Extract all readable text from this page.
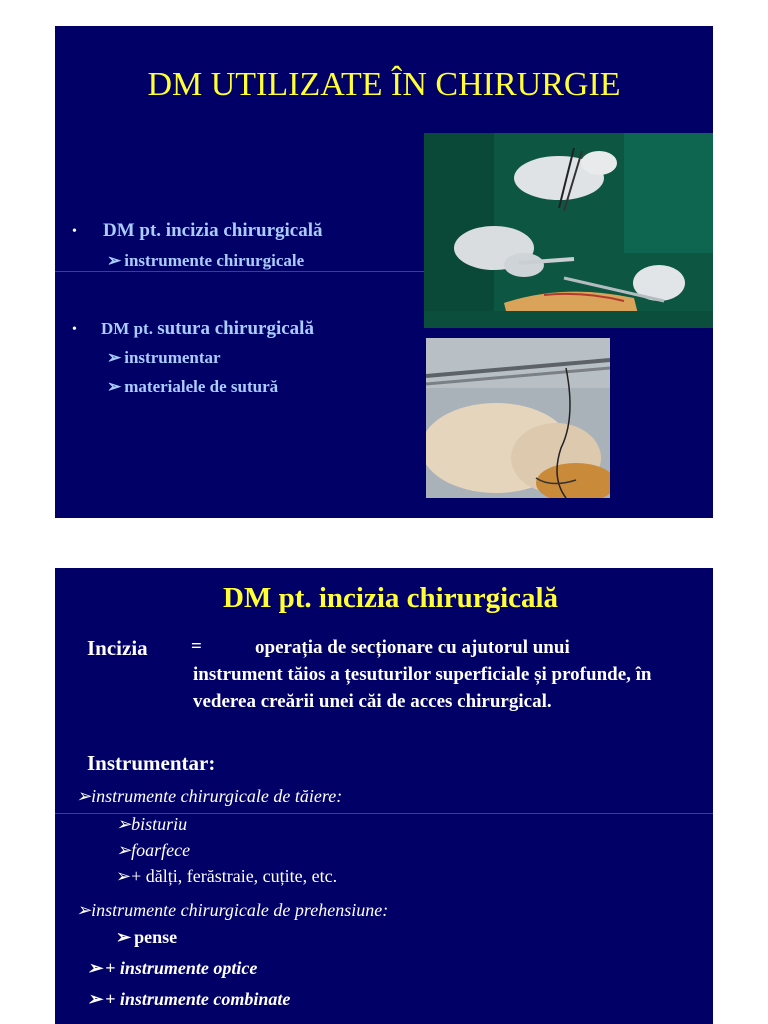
DM UTILIZATE ÎN CHIRURGIE
• DM pt. incizia chirurgicală
➢ instrumente chirurgicale
• DM pt. sutura chirurgicală
➢ instrumentar
➢ materialele de sutură
DM pt. incizia chirurgicală
Incizia =	operația de secționare cu ajutorul unui instrument tăios a țesuturilor superficiale și profunde, în vederea creării unei căi de acces chirurgical.
Instrumentar:
➢instrumente chirurgicale de tăiere:
➢bisturiu
➢foarfece
➢+ dălți, ferăstraie, cuțite, etc.
➢instrumente chirurgicale de prehensiune:
➢ pense
➢ + instrumente optice
➢ + instrumente combinate
